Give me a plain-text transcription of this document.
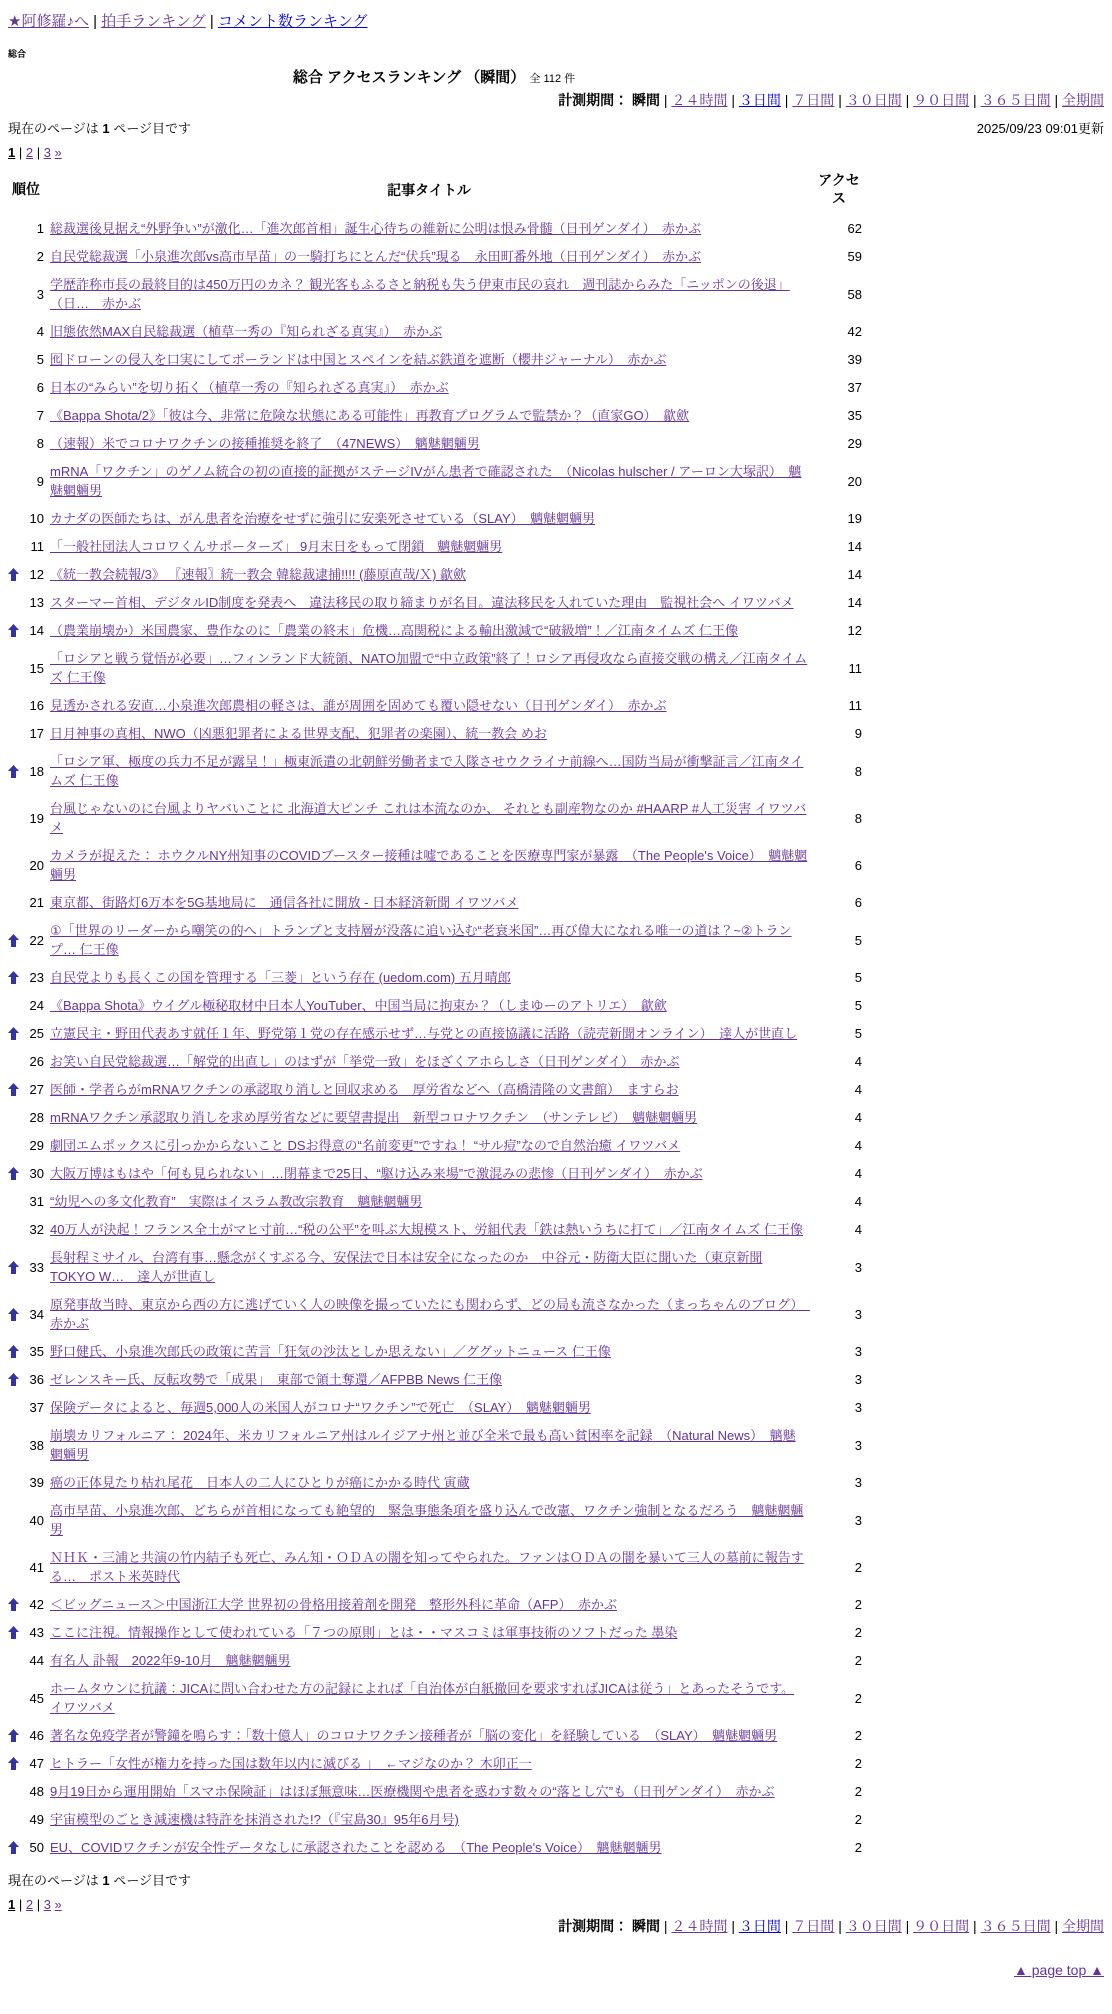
★阿修羅♪へ | 拍手ランキング | コメント数ランキング
総合
総合 アクセスランキング （瞬間） 全 112 件
計測期間： 瞬間 | ２４時間 | ３日間 | ７日間 | ３０日間 | ９０日間 | ３６５日間 | 全期間
現在のページは 1 ページ目です	2025/09/23 09:01更新
1 | 2 | 3 »
順位	記事タイトル
アクセス
1 総裁選後見据え“外野争い”が激化…「進次郎首相」誕生心待ちの維新に公明は恨み骨髄（日刊ゲンダイ）　赤かぶ	62
2 自民党総裁選「小泉進次郎vs高市早苗」の一騎打ちにとんだ“伏兵”現る　永田町番外地（日刊ゲンダイ）　赤かぶ	59
3
学歴詐称市長の最終目的は450万円のカネ？ 観光客もふるさと納税も失う伊東市民の哀れ　週刊誌からみた「ニッポンの後退」（日…　赤かぶ
58
4 旧態依然MAX自民総裁選（植草一秀の『知られざる真実』）　赤かぶ	42
5 囮ドローンの侵入を口実にしてポーランドは中国とスペインを結ぶ鉄道を遮断（櫻井ジャーナル）　赤かぶ	39
6 日本の“みらい”を切り拓く（植草一秀の『知られざる真実』）　赤かぶ	37
7 《Bappa Shota/2》「彼は今、非常に危険な状態にある可能性」再教育プログラムで監禁か？（直家GO）　歙歛	35
8 （速報）米でコロナワクチンの接種推奨を終了　（47NEWS）　魑魅魍魎男	29
9
mRNA「ワクチン」のゲノム統合の初の直接的証拠がステージIVがん患者で確認された　（Nicolas hulscher / アーロン大塚訳）　魑魅魍魎男
20
10 カナダの医師たちは、がん患者を治療をせずに強引に安楽死させている（SLAY）　魑魅魍魎男	19
11 「一般社団法人コロワくんサポーターズ」 9月末日をもって閉鎖　魑魅魍魎男	14
12 《統一教会続報/3》 〖速報〗統一教会 韓総裁逮捕!!!! (藤原直哉/Ｘ) 歙歛	14
13 スターマー首相、デジタルID制度を発表へ　違法移民の取り締まりが名目。違法移民を入れていた理由　監視社会へ イワツバメ	14
14 （農業崩壊か）米国農家、豊作なのに「農業の終末」危機…高関税による輸出激減で“破級増”！／江南タイムズ 仁王像	12
15
「ロシアと戦う覚悟が必要」…フィンランド大統領、NATO加盟で“中立政策”終了！ロシア再侵攻なら直接交戦の構え／江南タイムズ 仁王像
11
16 見透かされる安直…小泉進次郎農相の軽さは、誰が周囲を固めても覆い隠せない（日刊ゲンダイ）　赤かぶ	11
17 日月神事の真相、NWO（凶悪犯罪者による世界支配、犯罪者の楽園）、統一教会 めお	9
18
「ロシア軍、極度の兵力不足が露呈！」極東派遣の北朝鮮労働者まで入隊させウクライナ前線へ…国防当局が衝撃証言／江南タイムズ 仁王像
8
19
台風じゃないのに台風よりヤバいことに 北海道大ピンチ これは本流なのか、 それとも副産物なのか #HAARP #人工災害 イワツバメ
8
20
カメラが捉えた： ホウクルNY州知事のCOVIDブースター接種は嘘であることを医療専門家が暴露　（The People's Voice）　魑魅魍魎男
6
21 東京都、街路灯6万本を5G基地局に　通信各社に開放 - 日本経済新聞 イワツバメ	6
22
①「世界のリーダーから嘲笑の的へ」トランプと支持層が没落に追い込む“老衰米国”…再び偉大になれる唯一の道は？~②トランプ… 仁王像
5
23 自民党よりも長くこの国を管理する「三菱」という存在 (uedom.com) 五月晴郎	5
24 《Bappa Shota》ウイグル極秘取材中日本人YouTuber、中国当局に拘束か？（しまゆーのアトリエ）　歙歛	5
25 立憲民主・野田代表あす就任１年、野党第１党の存在感示せず…与党との直接協議に活路（読売新聞オンライン）　達人が世直し	5
26 お笑い自民党総裁選…「解党的出直し」のはずが「挙党一致」をほざくアホらしさ（日刊ゲンダイ）　赤かぶ	4
27 医師・学者らがmRNAワクチンの承認取り消しと回収求める　厚労省などへ（高橋清隆の文書館）　ますらお	4
28 mRNAワクチン承認取り消しを求め厚労省などに要望書提出　新型コロナワクチン　（サンテレビ）　魑魅魍魎男	4
29 劇団エムポックスに引っかからないこと DSお得意の“名前変更”ですね！ “サル痘”なので自然治癒 イワツバメ	4
30 大阪万博はもはや「何も見られない」…閉幕まで25日、“駆け込み来場”で激混みの悲惨（日刊ゲンダイ）　赤かぶ	4
31 “幼児への多文化教育”　実際はイスラム教改宗教育　魑魅魍魎男	4
32 40万人が決起！フランス全土がマヒ寸前…“税の公平”を叫ぶ大規模スト、労組代表「鉄は熱いうちに打て」／江南タイムズ 仁王像	4
33
長射程ミサイル、台湾有事…懸念がくすぶる今、安保法で日本は安全になったのか　中谷元・防衛大臣に聞いた（東京新聞 TOKYO W…　達人が世直し
3
34
原発事故当時、東京から西の方に逃げていく人の映像を撮っていたにも関わらず、どの局も流さなかった（まっちゃんのブログ）　赤かぶ
3
35 野口健氏、小泉進次郎氏の政策に苦言「狂気の沙汰としか思えない」／ググットニュース 仁王像	3
36 ゼレンスキー氏、反転攻勢で「成果」　東部で領土奪還／AFPBB News 仁王像	3
37 保険データによると、毎週5,000人の米国人がコロナ“ワクチン”で死亡　（SLAY）　魑魅魍魎男	3
38
崩壊カリフォルニア： 2024年、米カリフォルニア州はルイジアナ州と並び全米で最も高い貧困率を記録　（Natural News）　魑魅魍魎男
3
39 癌の正体見たり枯れ尾花　日本人の二人にひとりが癌にかかる時代 寅蔵	3
40
高市早苗、小泉進次郎、どちらが首相になっても絶望的　緊急事態条項を盛り込んで改憲、ワクチン強制となるだろう　魑魅魍魎男
3
41
ＮＨＫ・三浦と共演の竹内結子も死亡、みん知・ＯＤＡの闇を知ってやられた。ファンはＯＤＡの闇を暴いて三人の墓前に報告する…　ポスト米英時代
2
42 ＜ビッグニュース＞中国浙江大学 世界初の骨格用接着剤を開発　整形外科に革命（AFP）　赤かぶ	2
43 ここに注視。情報操作として使われている「７つの原則」とは・・マスコミは軍事技術のソフトだった 墨染	2
44 有名人 訃報　2022年9-10月　魑魅魍魎男	2
45
ホームタウンに抗議：JICAに問い合わせた方の記録によれば「自治体が白紙撤回を要求すればJICAは従う」とあったそうです。 イワツバメ
2
46 著名な免疫学者が警鐘を鳴らす：「数十億人」のコロナワクチン接種者が「脳の変化」を経験している　（SLAY）　魑魅魍魎男	2
47 ヒトラー「女性が権力を持った国は数年以内に滅びる 」　←マジなのか？ 木卯正一	2
48 9月19日から運用開始「スマホ保険証」はほぼ無意味…医療機関や患者を惑わす数々の“落とし穴”も（日刊ゲンダイ）　赤かぶ	2
49 宇宙模型のごとき減速機は特許を抹消された!?（『宝島30』95年6月号)	2
50 EU、COVIDワクチンが安全性データなしに承認されたことを認める　（The People's Voice）　魑魅魍魎男	2
現在のページは 1 ページ目です
1 | 2 | 3 »
計測期間： 瞬間 | ２４時間 | ３日間 | ７日間 | ３０日間 | ９０日間 | ３６５日間 | 全期間
▲ page top ▲
